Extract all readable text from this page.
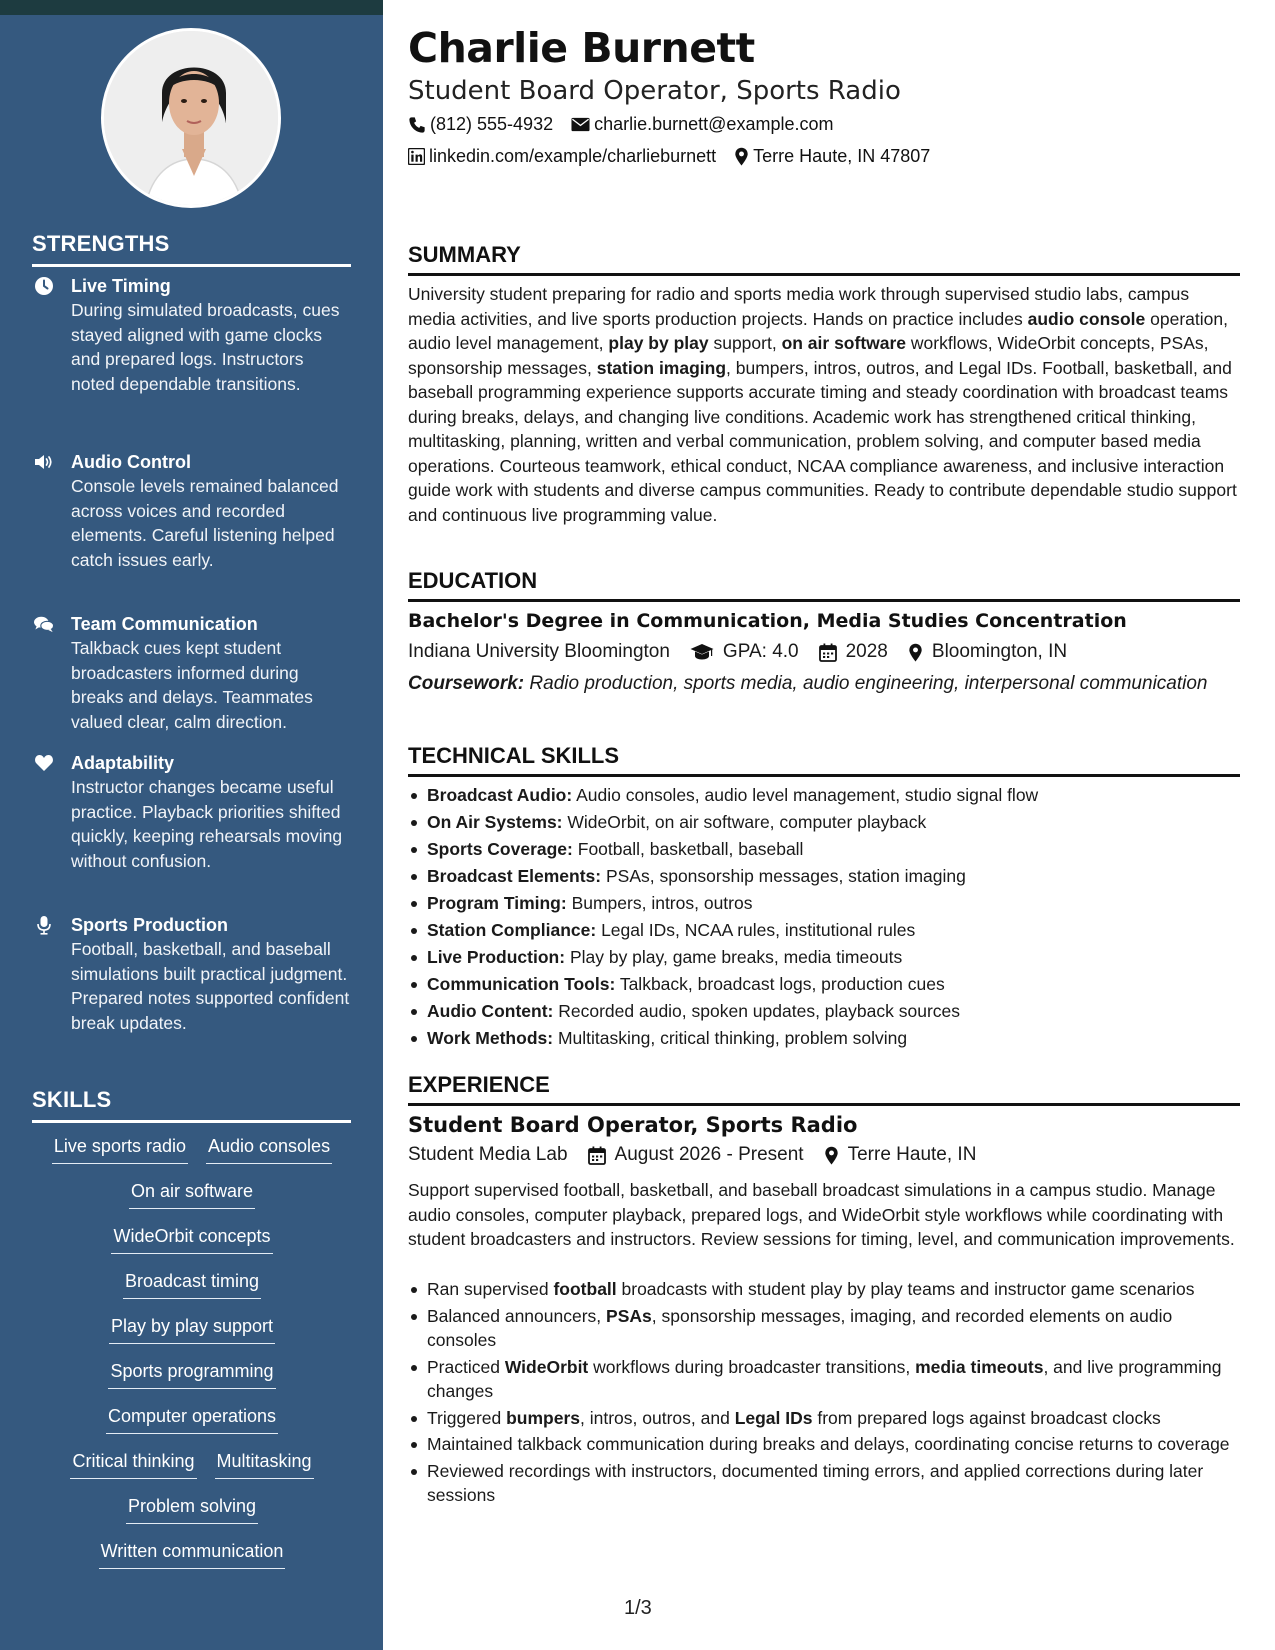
STRENGTHS
Live Timing
During simulated broadcasts, cues stayed aligned with game clocks and prepared logs. Instructors noted dependable transitions.
Audio Control
Console levels remained balanced across voices and recorded elements. Careful listening helped catch issues early.
Team Communication
Talkback cues kept student broadcasters informed during breaks and delays. Teammates valued clear, calm direction.
Adaptability
Instructor changes became useful practice. Playback priorities shifted quickly, keeping rehearsals moving without confusion.
Sports Production
Football, basketball, and baseball simulations built practical judgment. Prepared notes supported confident break updates.
SKILLS
Live sports radio Audio consoles
On air software
WideOrbit concepts
Broadcast timing
Play by play support
Sports programming
Computer operations
Critical thinking Multitasking
Problem solving
Written communication
Charlie Burnett
Student Board Operator, Sports Radio
(812) 555-4932 charlie.burnett@example.com
linkedin.com/example/charlieburnett Terre Haute, IN 47807
SUMMARY
University student preparing for radio and sports media work through supervised studio labs, campus media activities, and live sports production projects. Hands on practice includes audio console operation, audio level management, play by play support, on air software workflows, WideOrbit concepts, PSAs, sponsorship messages, station imaging, bumpers, intros, outros, and Legal IDs. Football, basketball, and baseball programming experience supports accurate timing and steady coordination with broadcast teams during breaks, delays, and changing live conditions. Academic work has strengthened critical thinking, multitasking, planning, written and verbal communication, problem solving, and computer based media operations. Courteous teamwork, ethical conduct, NCAA compliance awareness, and inclusive interaction guide work with students and diverse campus communities. Ready to contribute dependable studio support and continuous live programming value.
EDUCATION
Bachelor's Degree in Communication, Media Studies Concentration
Indiana University Bloomington	GPA: 4.0 2028 Bloomington, IN
Coursework: Radio production, sports media, audio engineering, interpersonal communication
TECHNICAL SKILLS
Broadcast Audio: Audio consoles, audio level management, studio signal flow
On Air Systems: WideOrbit, on air software, computer playback
Sports Coverage: Football, basketball, baseball
Broadcast Elements: PSAs, sponsorship messages, station imaging
Program Timing: Bumpers, intros, outros
Station Compliance: Legal IDs, NCAA rules, institutional rules
Live Production: Play by play, game breaks, media timeouts
Communication Tools: Talkback, broadcast logs, production cues
Audio Content: Recorded audio, spoken updates, playback sources
Work Methods: Multitasking, critical thinking, problem solving
EXPERIENCE
Student Board Operator, Sports Radio
Student Media Lab August 2026 - Present Terre Haute, IN
Support supervised football, basketball, and baseball broadcast simulations in a campus studio. Manage audio consoles, computer playback, prepared logs, and WideOrbit style workflows while coordinating with student broadcasters and instructors. Review sessions for timing, level, and communication improvements.
Ran supervised football broadcasts with student play by play teams and instructor game scenarios
Balanced announcers, PSAs, sponsorship messages, imaging, and recorded elements on audio consoles
Practiced WideOrbit workflows during broadcaster transitions, media timeouts, and live programming changes
Triggered bumpers, intros, outros, and Legal IDs from prepared logs against broadcast clocks
Maintained talkback communication during breaks and delays, coordinating concise returns to coverage
Reviewed recordings with instructors, documented timing errors, and applied corrections during later sessions
1/3
